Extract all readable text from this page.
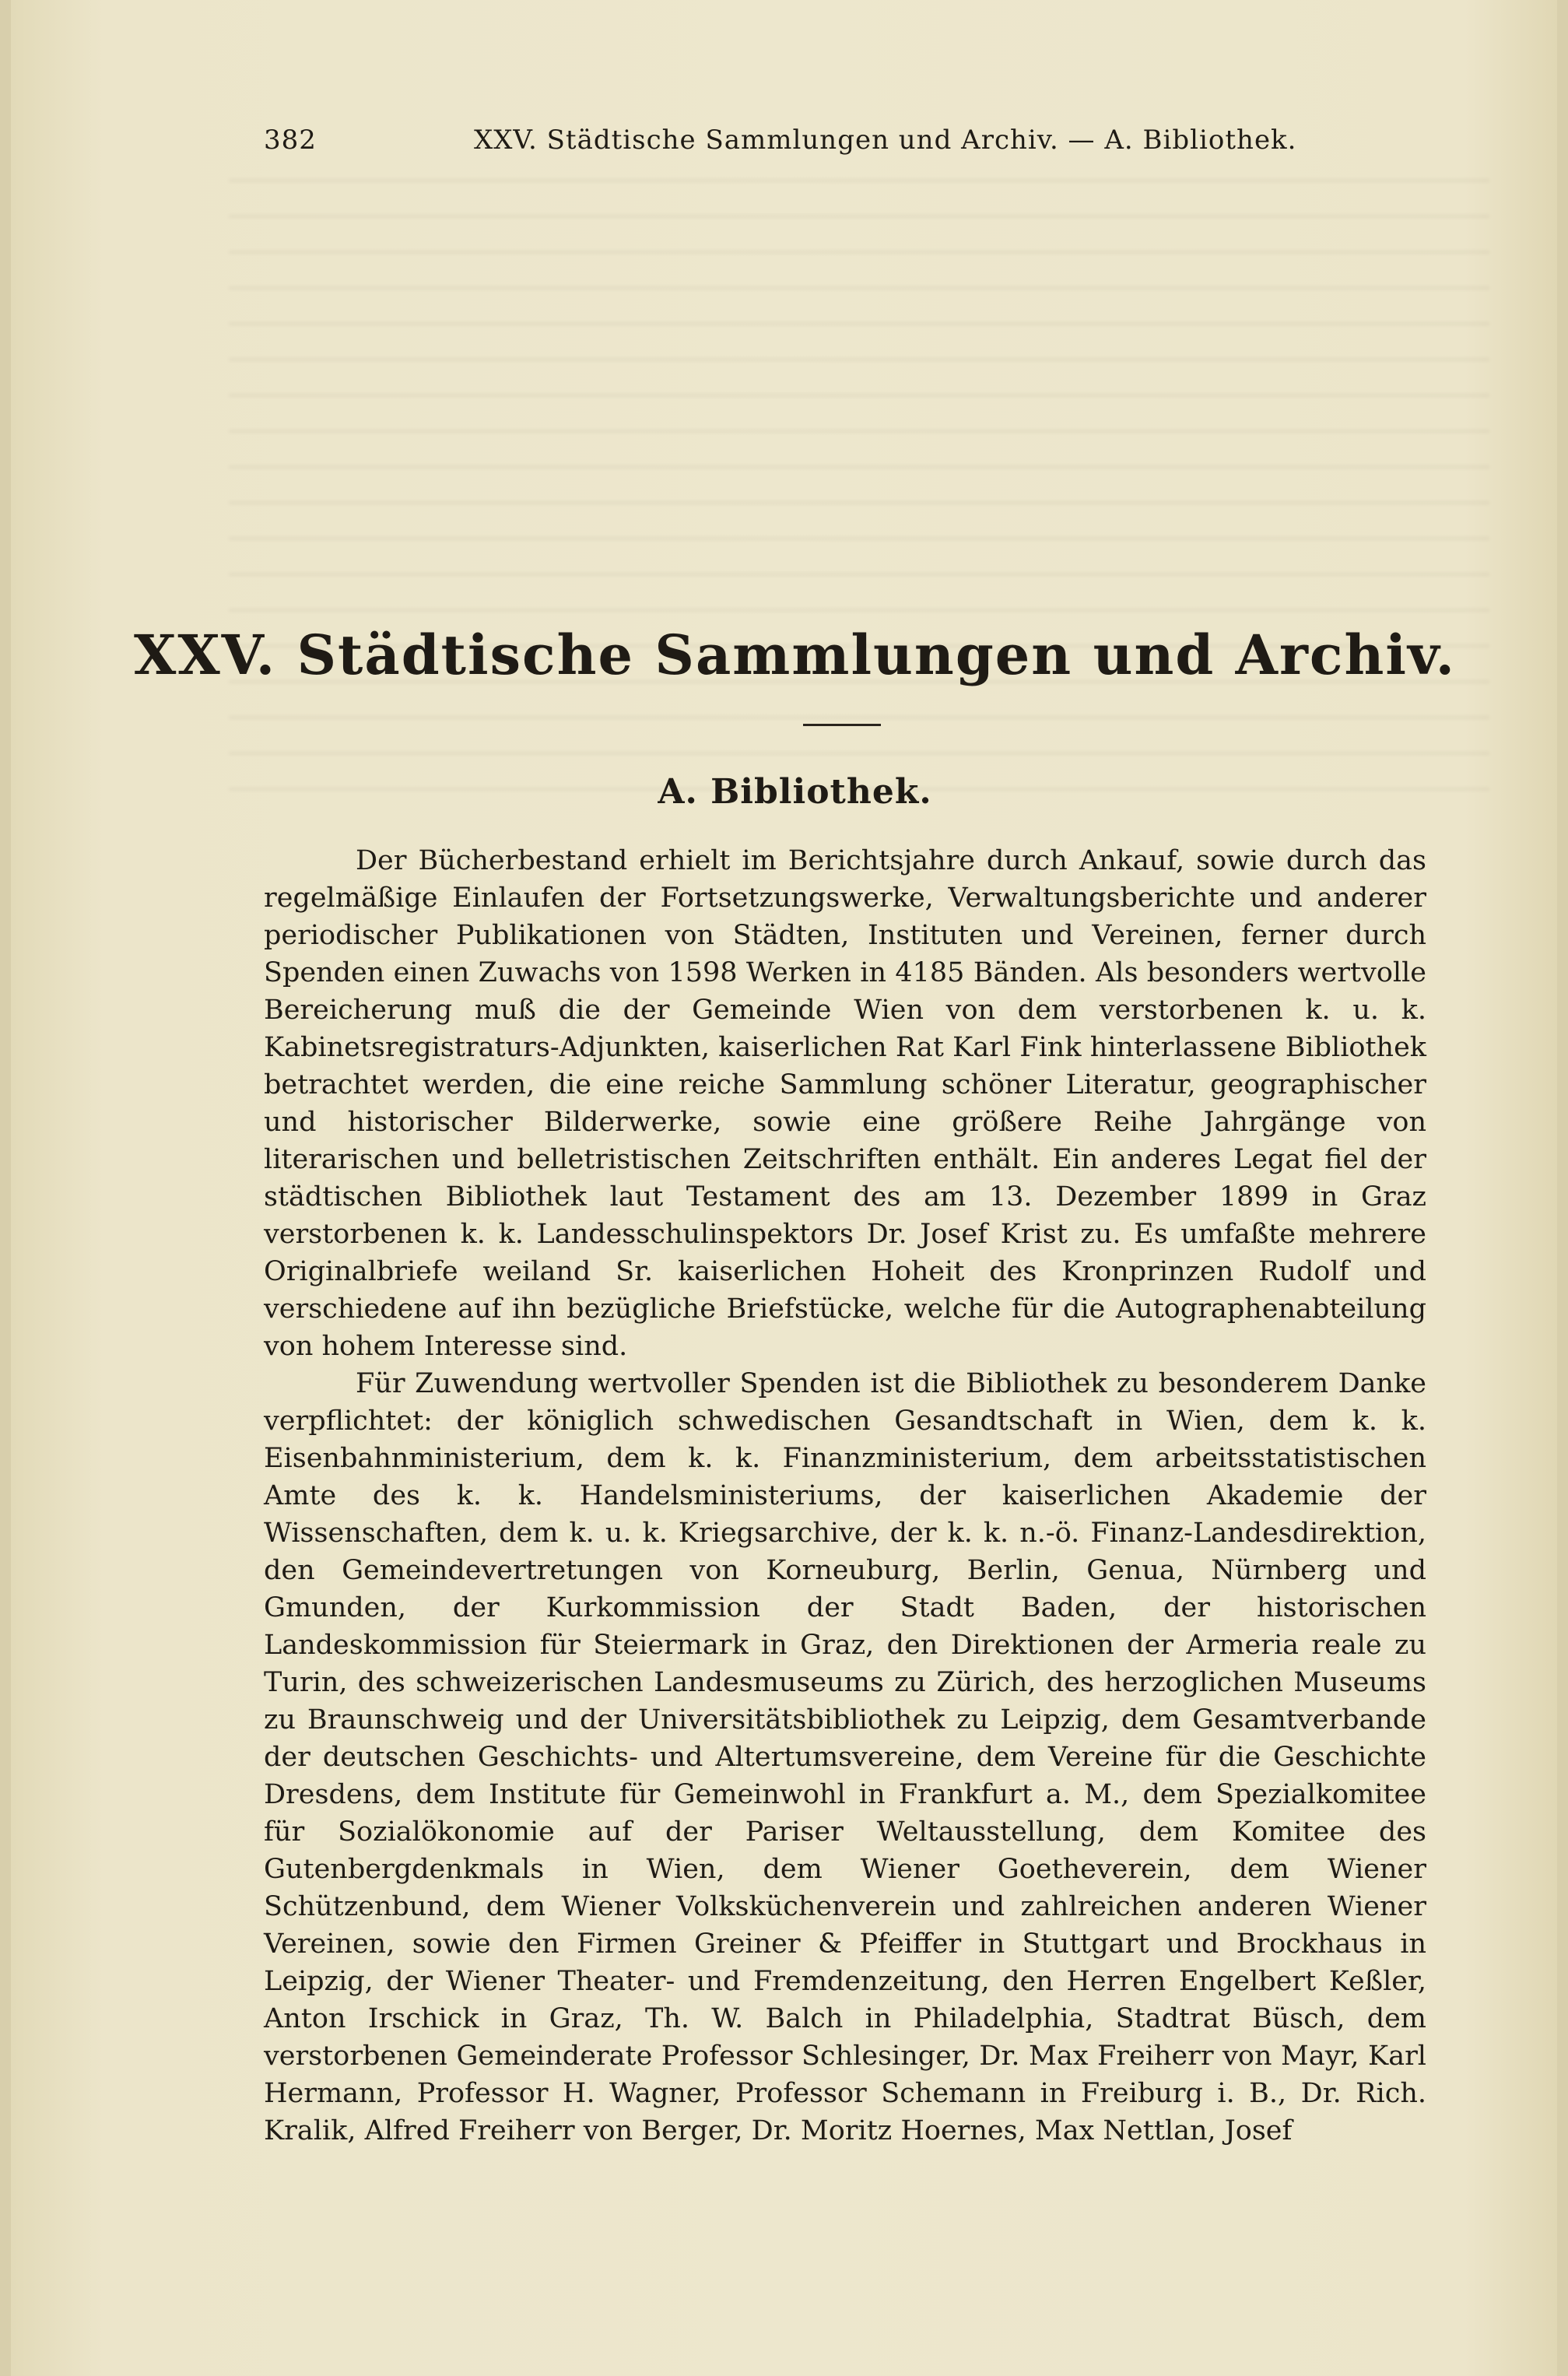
382	XXV. Städtische Sammlungen und Archiv. — A. Bibliothek.
XXV. Städtische Sammlungen und Archiv.
A. Bibliothek.

Der Bücherbestand erhielt im Berichtsjahre durch Ankauf, sowie durch das regelmäßige Einlaufen der Fortsetzungswerke, Verwaltungsberichte und anderer periodischer Publikationen von Städten, Instituten und Vereinen, ferner durch Spenden einen Zuwachs von 1598 Werken in 4185 Bänden. Als besonders wertvolle Bereicherung muß die der Gemeinde Wien von dem verstorbenen k. u. k. Kabinetsregistraturs-Adjunkten, kaiserlichen Rat Karl Fink hinterlassene Bibliothek betrachtet werden, die eine reiche Sammlung schöner Literatur, geographischer und historischer Bilderwerke, sowie eine größere Reihe Jahrgänge von literarischen und belletristischen Zeitschriften enthält. Ein anderes Legat fiel der städtischen Bibliothek laut Testament des am 13. Dezember 1899 in Graz verstorbenen k. k. Landesschulinspektors Dr. Josef Krist zu. Es umfaßte mehrere Originalbriefe weiland Sr. kaiserlichen Hoheit des Kronprinzen Rudolf und verschiedene auf ihn bezügliche Briefstücke, welche für die Autographenabteilung von hohem Interesse sind.

Für Zuwendung wertvoller Spenden ist die Bibliothek zu besonderem Danke verpflichtet: der königlich schwedischen Gesandtschaft in Wien, dem k. k. Eisenbahnministerium, dem k. k. Finanzministerium, dem arbeitsstatistischen Amte des k. k. Handelsministeriums, der kaiserlichen Akademie der Wissenschaften, dem k. u. k. Kriegsarchive, der k. k. n.-ö. Finanz-Landesdirektion, den Gemeindevertretungen von Korneuburg, Berlin, Genua, Nürnberg und Gmunden, der Kurkommission der Stadt Baden, der historischen Landeskommission für Steiermark in Graz, den Direktionen der Armeria reale zu Turin, des schweizerischen Landesmuseums zu Zürich, des herzoglichen Museums zu Braunschweig und der Universitätsbibliothek zu Leipzig, dem Gesamtverbande der deutschen Geschichts- und Altertumsvereine, dem Vereine für die Geschichte Dresdens, dem Institute für Gemeinwohl in Frankfurt a. M., dem Spezialkomitee für Sozialökonomie auf der Pariser Weltausstellung, dem Komitee des Gutenbergdenkmals in Wien, dem Wiener Goetheverein, dem Wiener Schützenbund, dem Wiener Volksküchenverein und zahlreichen anderen Wiener Vereinen, sowie den Firmen Greiner & Pfeiffer in Stuttgart und Brockhaus in Leipzig, der Wiener Theater- und Fremdenzeitung, den Herren Engelbert Keßler, Anton Irschick in Graz, Th. W. Balch in Philadelphia, Stadtrat Büsch, dem verstorbenen Gemeinderate Professor Schlesinger, Dr. Max Freiherr von Mayr, Karl Hermann, Professor H. Wagner, Professor Schemann in Freiburg i. B., Dr. Rich. Kralik, Alfred Freiherr von Berger, Dr. Moritz Hoernes, Max Nettlan, Josef
